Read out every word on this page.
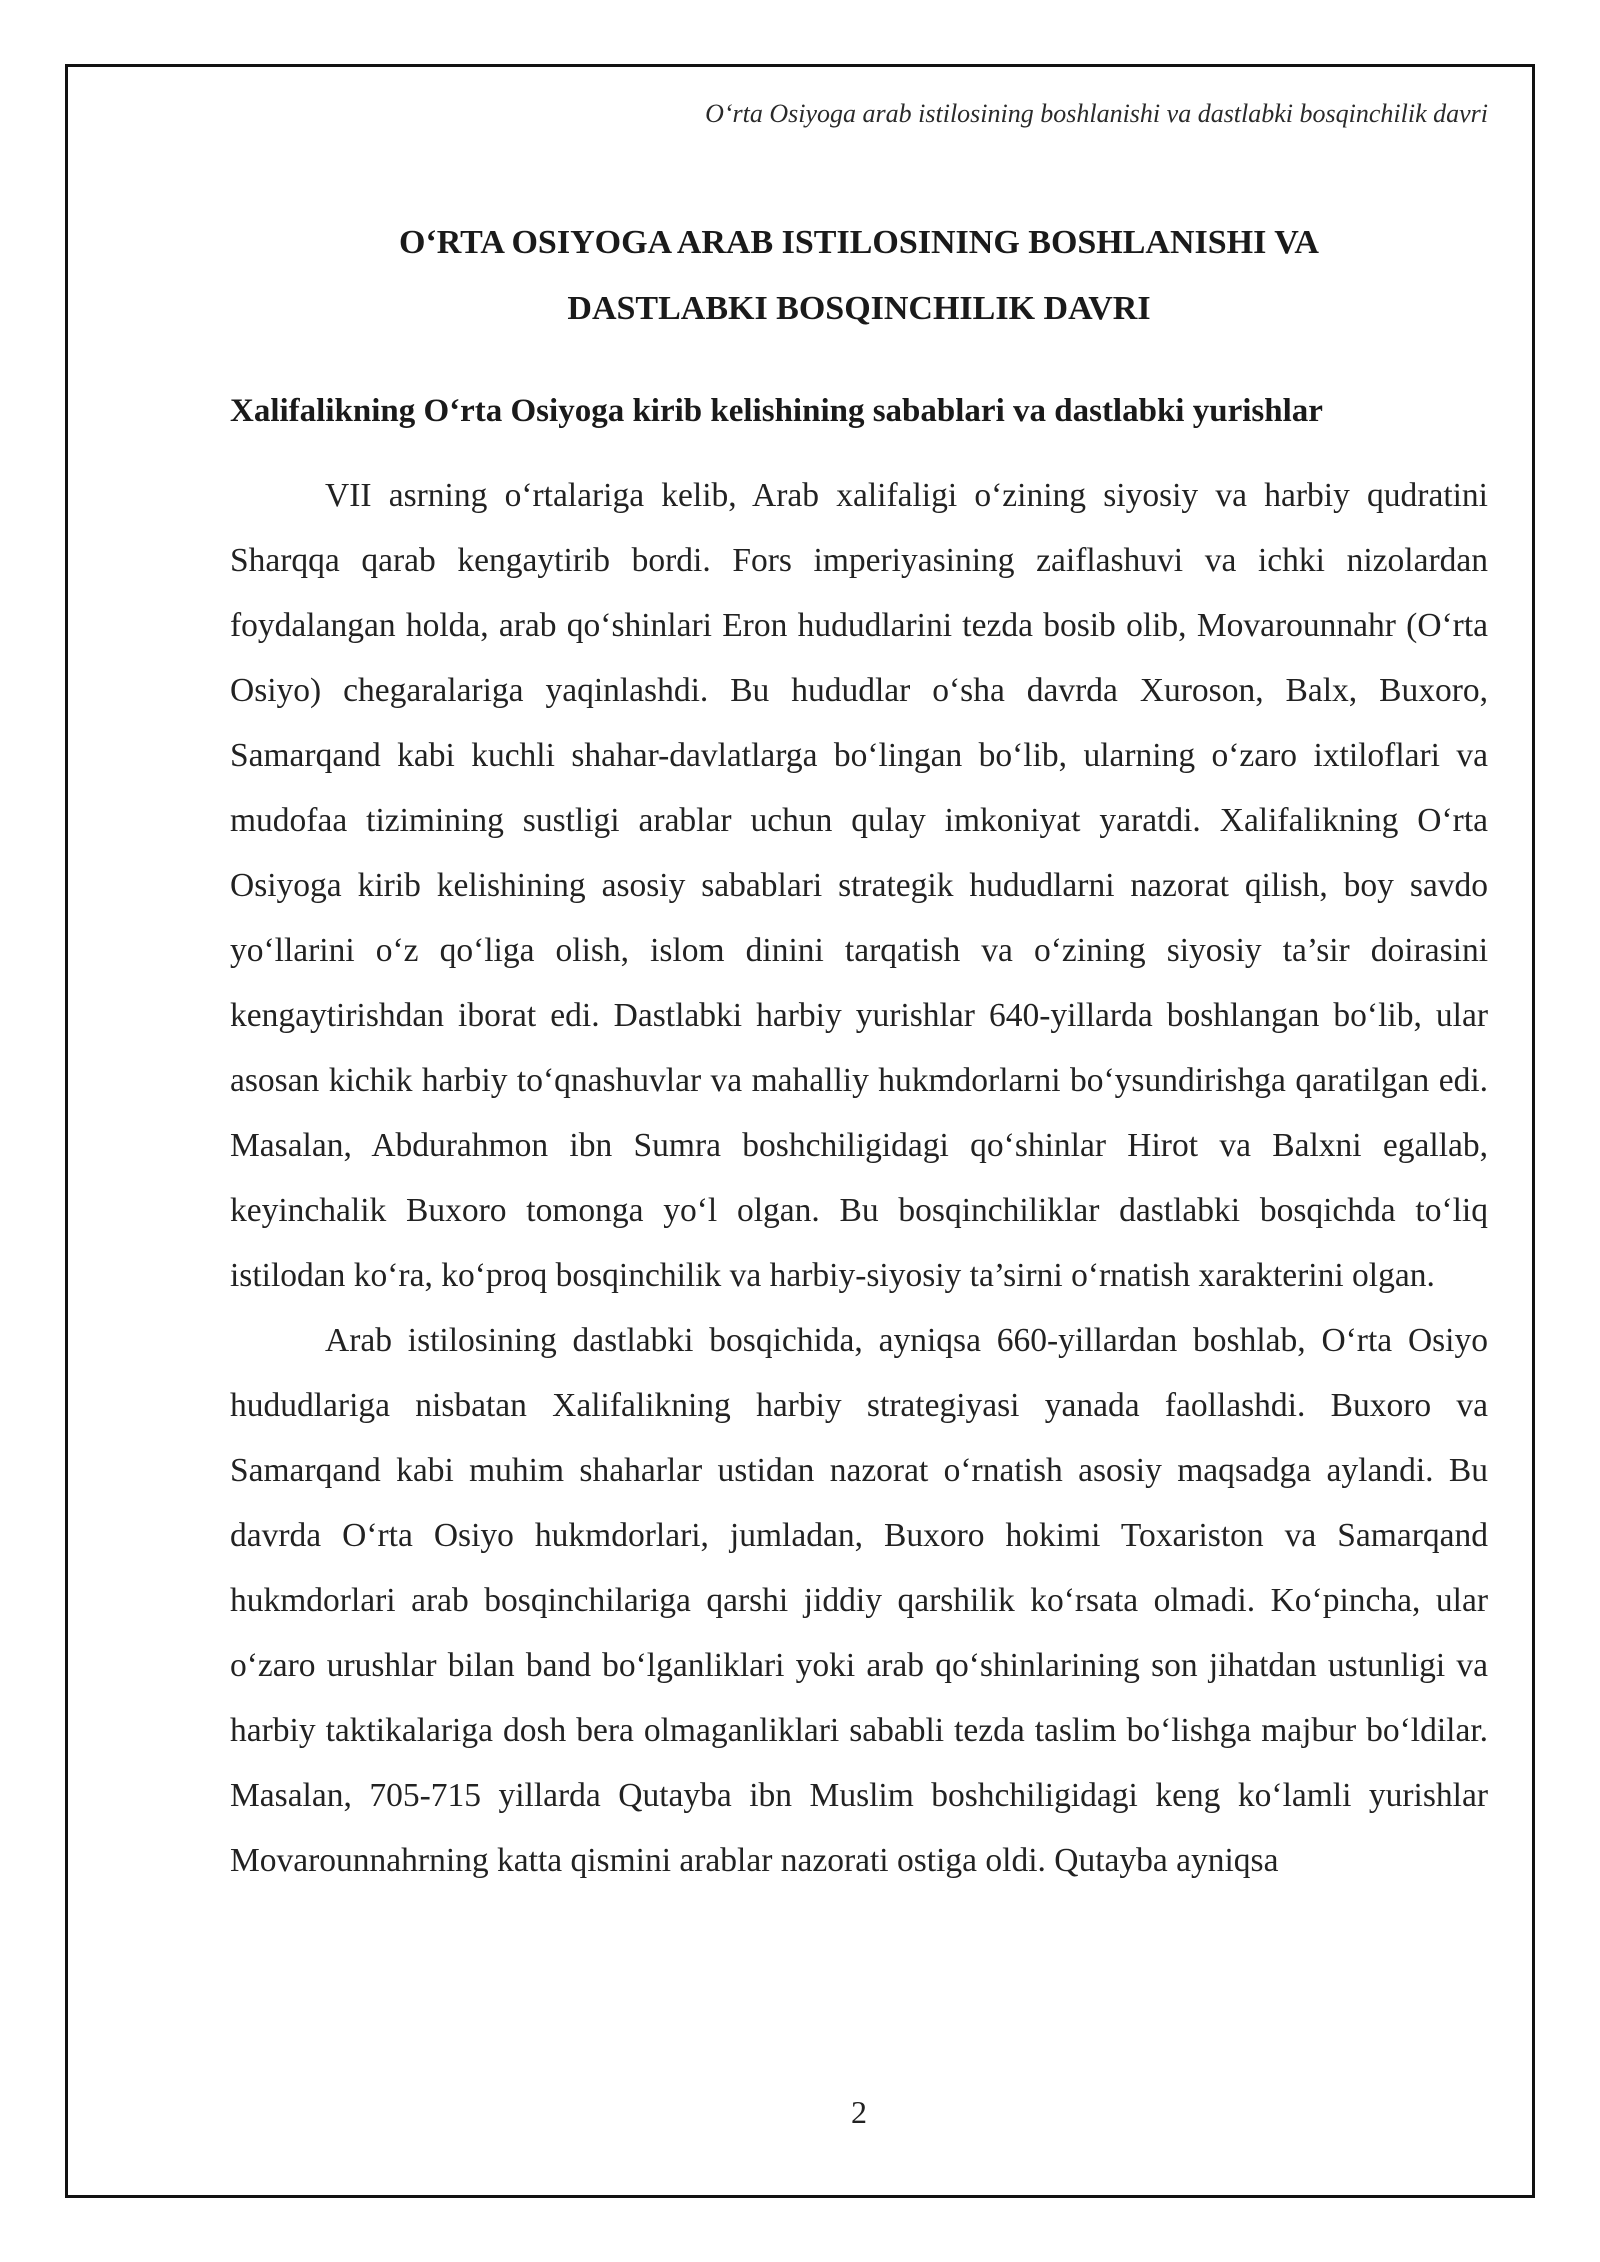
O‘rta Osiyoga arab istilosining boshlanishi va dastlabki bosqinchilik davri
O‘RTA OSIYOGA ARAB ISTILOSINING BOSHLANISHI VA
DASTLABKI BOSQINCHILIK DAVRI
Xalifalikning O‘rta Osiyoga kirib kelishining sabablari va dastlabki yurishlar

VII asrning o‘rtalariga kelib, Arab xalifaligi o‘zining siyosiy va harbiy qudratini Sharqqa qarab kengaytirib bordi. Fors imperiyasining zaiflashuvi va ichki nizolardan foydalangan holda, arab qo‘shinlari Eron hududlarini tezda bosib olib, Movarounnahr (O‘rta Osiyo) chegaralariga yaqinlashdi. Bu hududlar o‘sha davrda Xuroson, Balx, Buxoro, Samarqand kabi kuchli shahar-davlatlarga bo‘lingan bo‘lib, ularning o‘zaro ixtiloflari va mudofaa tizimining sustligi arablar uchun qulay imkoniyat yaratdi. Xalifalikning O‘rta Osiyoga kirib kelishining asosiy sabablari strategik hududlarni nazorat qilish, boy savdo yo‘llarini o‘z qo‘liga olish, islom dinini tarqatish va o‘zining siyosiy ta’sir doirasini kengaytirishdan iborat edi. Dastlabki harbiy yurishlar 640-yillarda boshlangan bo‘lib, ular asosan kichik harbiy to‘qnashuvlar va mahalliy hukmdorlarni bo‘ysundirishga qaratilgan edi. Masalan, Abdurahmon ibn Sumra boshchiligidagi qo‘shinlar Hirot va Balxni egallab, keyinchalik Buxoro tomonga yo‘l olgan. Bu bosqinchiliklar dastlabki bosqichda to‘liq istilodan ko‘ra, ko‘proq bosqinchilik va harbiy-siyosiy ta’sirni o‘rnatish xarakterini olgan.

Arab istilosining dastlabki bosqichida, ayniqsa 660-yillardan boshlab, O‘rta Osiyo hududlariga nisbatan Xalifalikning harbiy strategiyasi yanada faollashdi. Buxoro va Samarqand kabi muhim shaharlar ustidan nazorat o‘rnatish asosiy maqsadga aylandi. Bu davrda O‘rta Osiyo hukmdorlari, jumladan, Buxoro hokimi Toxariston va Samarqand hukmdorlari arab bosqinchilariga qarshi jiddiy qarshilik ko‘rsata olmadi. Ko‘pincha, ular o‘zaro urushlar bilan band bo‘lganliklari yoki arab qo‘shinlarining son jihatdan ustunligi va harbiy taktikalariga dosh bera olmaganliklari sababli tezda taslim bo‘lishga majbur bo‘ldilar. Masalan, 705-715 yillarda Qutayba ibn Muslim boshchiligidagi keng ko‘lamli yurishlar Movarounnahrning katta qismini arablar nazorati ostiga oldi. Qutayba ayniqsa

2
